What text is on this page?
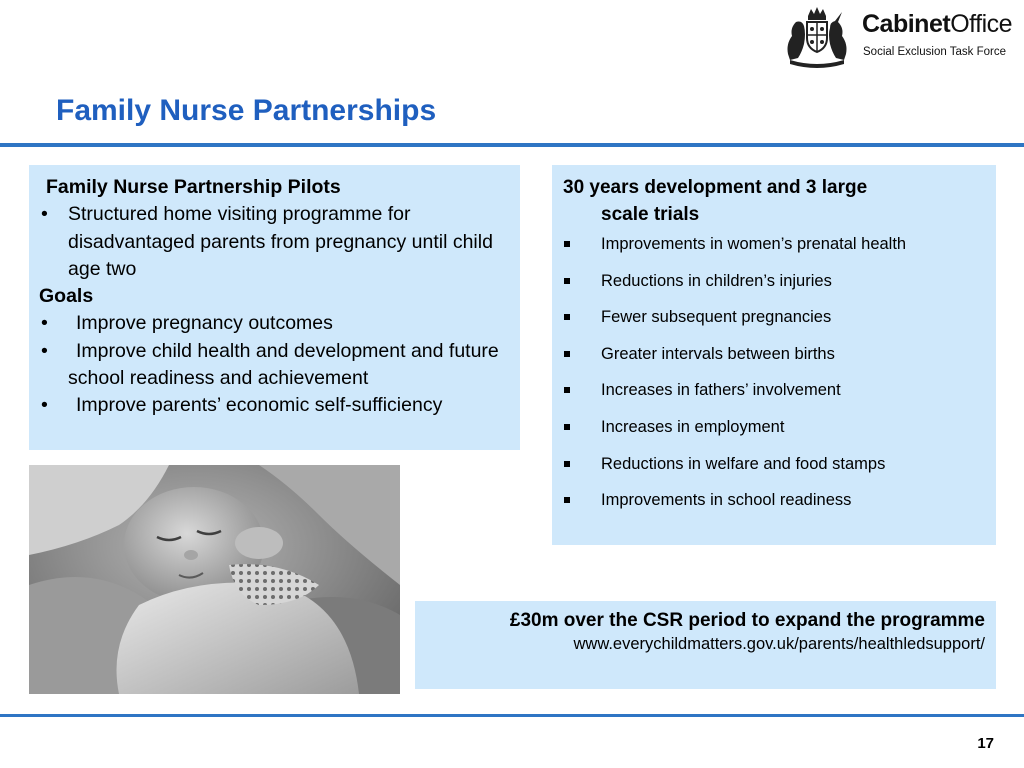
CabinetOffice
Social Exclusion Task Force
Family Nurse Partnerships
Family Nurse Partnership Pilots
• Structured home visiting programme for disadvantaged parents from pregnancy until child age two
Goals
• Improve pregnancy outcomes
• Improve child health and development and future school readiness and achievement
• Improve parents’ economic self-sufficiency
30 years development and 3 large
scale trials
Improvements in women’s prenatal health
Reductions in children’s injuries
Fewer subsequent pregnancies
Greater intervals between births
Increases in fathers’ involvement
Increases in employment
Reductions in welfare and food stamps
Improvements in school readiness
£30m over the CSR period to expand the programme
www.everychildmatters.gov.uk/parents/healthledsupport/
17
